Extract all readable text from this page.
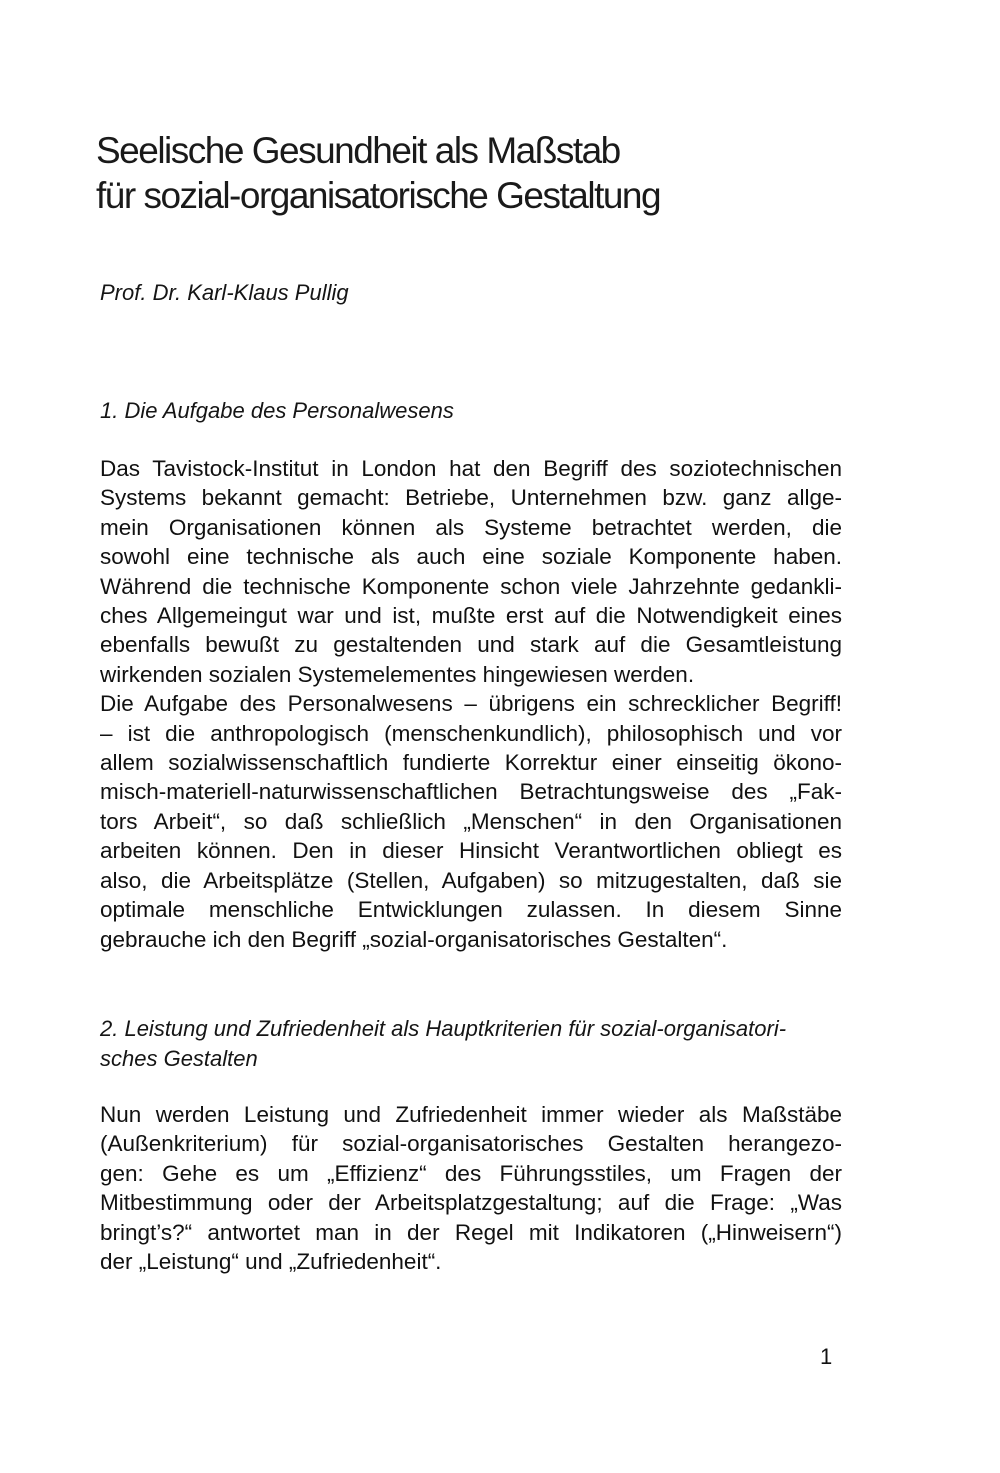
Seelische Gesundheit als Maßstab
für sozial-organisatorische Gestaltung
Prof. Dr. Karl-Klaus Pullig
1. Die Aufgabe des Personalwesens
Das Tavistock-Institut in London hat den Begriff des soziotechnischen
Systems bekannt gemacht: Betriebe, Unternehmen bzw. ganz allge-
mein Organisationen können als Systeme betrachtet werden, die
sowohl eine technische als auch eine soziale Komponente haben.
Während die technische Komponente schon viele Jahrzehnte gedankli-
ches Allgemeingut war und ist, mußte erst auf die Notwendigkeit eines
ebenfalls bewußt zu gestaltenden und stark auf die Gesamtleistung
wirkenden sozialen Systemelementes hingewiesen werden.
Die Aufgabe des Personalwesens – übrigens ein schrecklicher Begriff!
– ist die anthropologisch (menschenkundlich), philosophisch und vor
allem sozialwissenschaftlich fundierte Korrektur einer einseitig ökono-
misch-materiell-naturwissenschaftlichen Betrachtungsweise des „Fak-
tors Arbeit“, so daß schließlich „Menschen“ in den Organisationen
arbeiten können. Den in dieser Hinsicht Verantwortlichen obliegt es
also, die Arbeitsplätze (Stellen, Aufgaben) so mitzugestalten, daß sie
optimale menschliche Entwicklungen zulassen. In diesem Sinne
gebrauche ich den Begriff „sozial-organisatorisches Gestalten“.
2. Leistung und Zufriedenheit als Hauptkriterien für sozial-organisatori-
sches Gestalten
Nun werden Leistung und Zufriedenheit immer wieder als Maßstäbe
(Außenkriterium) für sozial-organisatorisches Gestalten herangezo-
gen: Gehe es um „Effizienz“ des Führungsstiles, um Fragen der
Mitbestimmung oder der Arbeitsplatzgestaltung; auf die Frage: „Was
bringt’s?“ antwortet man in der Regel mit Indikatoren („Hinweisern“)
der „Leistung“ und „Zufriedenheit“.
1
